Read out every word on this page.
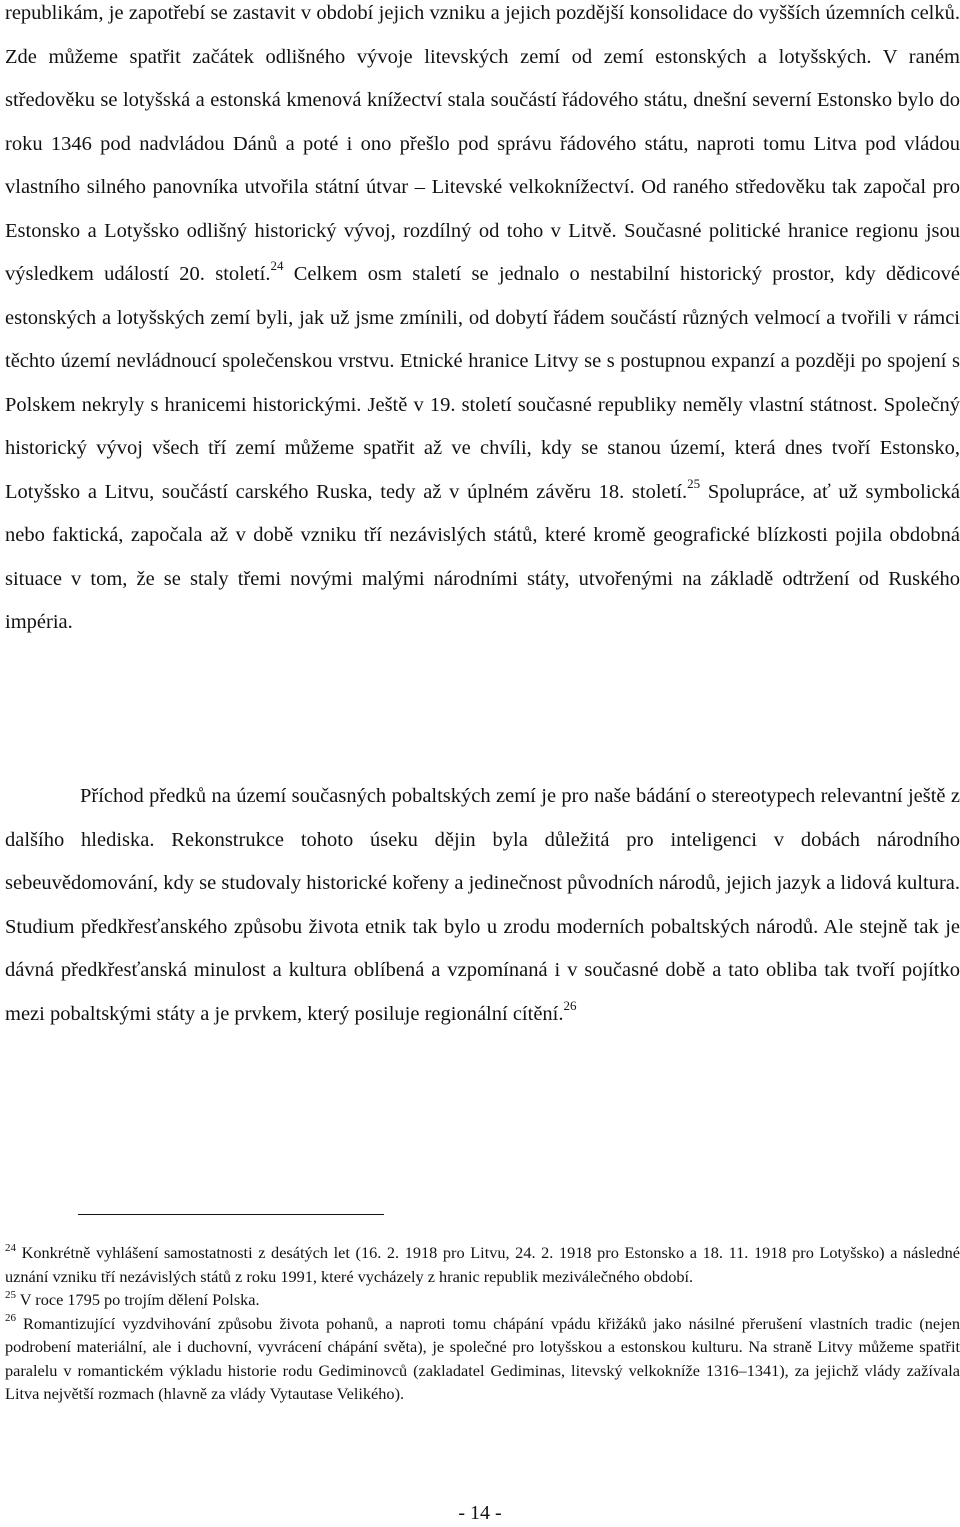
republikám, je zapotřebí se zastavit v období jejich vzniku a jejich pozdější konsolidace do vyšších územních celků. Zde můžeme spatřit začátek odlišného vývoje litevských zemí od zemí estonských a lotyšských. V raném středověku se lotyšská a estonská kmenová knížectví stala součástí řádového státu, dnešní severní Estonsko bylo do roku 1346 pod nadvládou Dánů a poté i ono přešlo pod správu řádového státu, naproti tomu Litva pod vládou vlastního silného panovníka utvořila státní útvar – Litevské velkoknížectví. Od raného středověku tak započal pro Estonsko a Lotyšsko odlišný historický vývoj, rozdílný od toho v Litvě. Současné politické hranice regionu jsou výsledkem událostí 20. století.$^{24}$ Celkem osm staletí se jednalo o nestabilní historický prostor, kdy dědicové estonských a lotyšských zemí byli, jak už jsme zmínili, od dobytí řádem součástí různých velmocí a tvořili v rámci těchto území nevládnoucí společenskou vrstvu. Etnické hranice Litvy se s postupnou expanzí a později po spojení s Polskem nekryly s hranicemi historickými. Ještě v 19. století současné republiky neměly vlastní státnost. Společný historický vývoj všech tří zemí můžeme spatřit až ve chvíli, kdy se stanou území, která dnes tvoří Estonsko, Lotyšsko a Litvu, součástí carského Ruska, tedy až v úplném závěru 18. století.$^{25}$ Spolupráce, ať už symbolická nebo faktická, započala až v době vzniku tří nezávislých států, které kromě geografické blízkosti pojila obdobná situace v tom, že se staly třemi novými malými národními státy, utvořenými na základě odtržení od Ruského impéria.

Příchod předků na území současných pobaltských zemí je pro naše bádání o stereotypech relevantní ještě z dalšího hlediska. Rekonstrukce tohoto úseku dějin byla důležitá pro inteligenci v dobách národního sebeuvědomování, kdy se studovaly historické kořeny a jedinečnost původních národů, jejich jazyk a lidová kultura. Studium předkřesťanského způsobu života etnik tak bylo u zrodu moderních pobaltských národů. Ale stejně tak je dávná předkřesťanská minulost a kultura oblíbená a vzpomínaná i v současné době a tato obliba tak tvoří pojítko mezi pobaltskými státy a je prvkem, který posiluje regionální cítění.$^{26}$

$^{24}$ Konkrétně vyhlášení samostatnosti z desátých let (16. 2. 1918 pro Litvu, 24. 2. 1918 pro Estonsko a 18. 11. 1918 pro Lotyšsko) a následné uznání vzniku tří nezávislých států z roku 1991, které vycházely z hranic republik meziválečného období.

$^{25}$ V roce 1795 po trojím dělení Polska.

$^{26}$ Romantizující vyzdvihování způsobu života pohanů, a naproti tomu chápání vpádu křižáků jako násilné přerušení vlastních tradic (nejen podrobení materiální, ale i duchovní, vyvrácení chápání světa), je společné pro lotyšskou a estonskou kulturu. Na straně Litvy můžeme spatřit paralelu v romantickém výkladu historie rodu Gediminovců (zakladatel Gediminas, litevský velkokníže 1316–1341), za jejichž vlády zažívala Litva největší rozmach (hlavně za vlády Vytautase Velikého).

- 14 -
